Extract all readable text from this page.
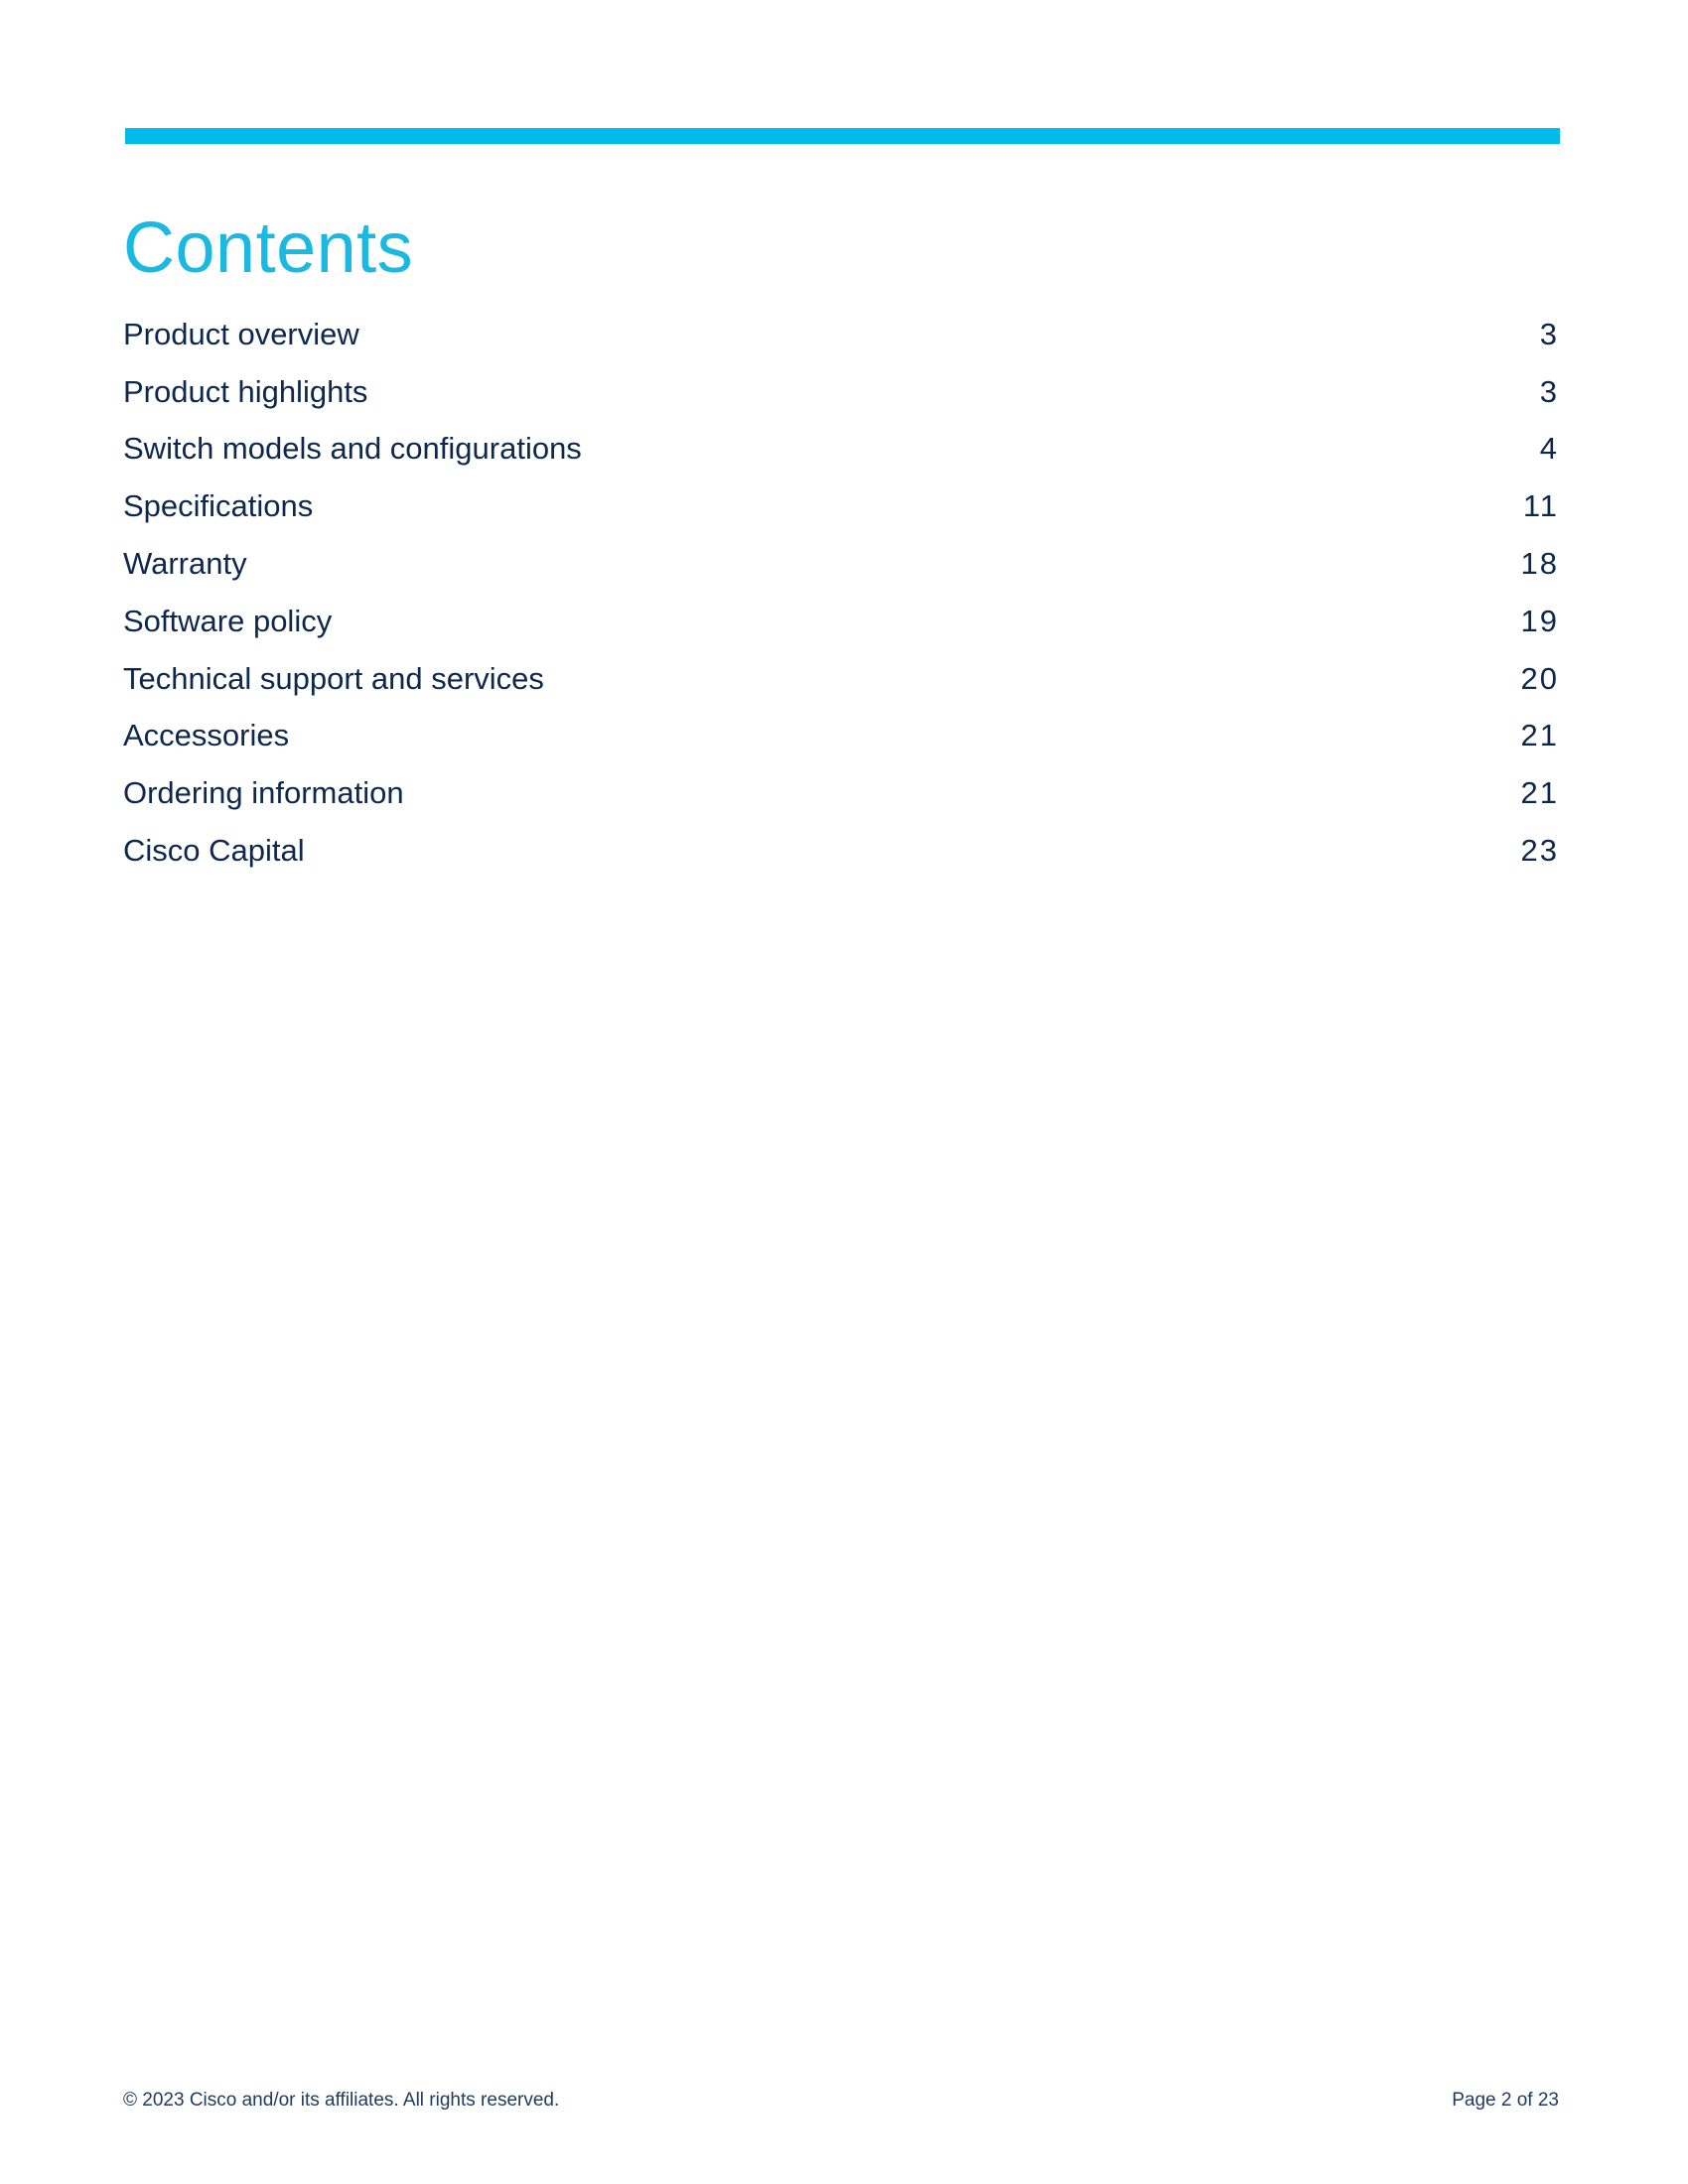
Contents
Product overview	3
Product highlights	3
Switch models and configurations	4
Specifications	11
Warranty	18
Software policy	19
Technical support and services	20
Accessories	21
Ordering information	21
Cisco Capital	23
© 2023 Cisco and/or its affiliates. All rights reserved.	Page 2 of 23
